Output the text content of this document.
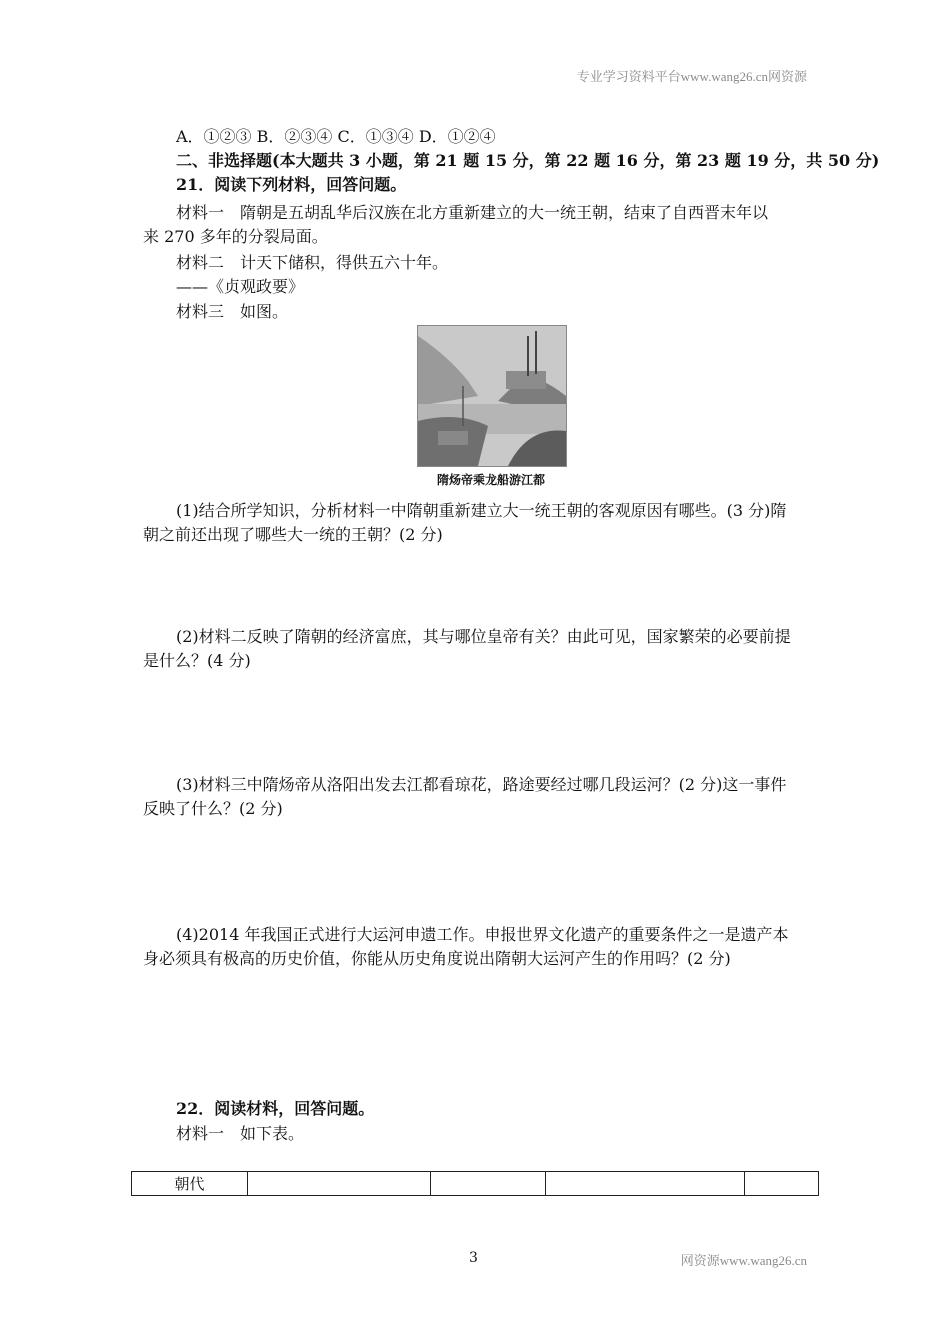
专业学习资料平台www.wang26.cn网资源
A．①②③ B．②③④ C．①③④ D．①②④
二、非选择题(本大题共 3 小题，第 21 题 15 分，第 22 题 16 分，第 23 题 19 分，共 50 分)
21．阅读下列材料，回答问题。
材料一　隋朝是五胡乱华后汉族在北方重新建立的大一统王朝，结束了自西晋末年以
来 270 多年的分裂局面。
材料二　计天下储积，得供五六十年。
——《贞观政要》
材料三　如图。
隋炀帝乘龙船游江都
(1)结合所学知识，分析材料一中隋朝重新建立大一统王朝的客观原因有哪些。(3 分)隋
朝之前还出现了哪些大一统的王朝？(2 分)
(2)材料二反映了隋朝的经济富庶，其与哪位皇帝有关？由此可见，国家繁荣的必要前提
是什么？(4 分)
(3)材料三中隋炀帝从洛阳出发去江都看琼花，路途要经过哪几段运河？(2 分)这一事件
反映了什么？(2 分)
(4)2014 年我国正式进行大运河申遗工作。申报世界文化遗产的重要条件之一是遗产本
身必须具有极高的历史价值，你能从历史角度说出隋朝大运河产生的作用吗？(2 分)
22．阅读材料，回答问题。
材料一　如下表。
朝代				
3	网资源www.wang26.cn
